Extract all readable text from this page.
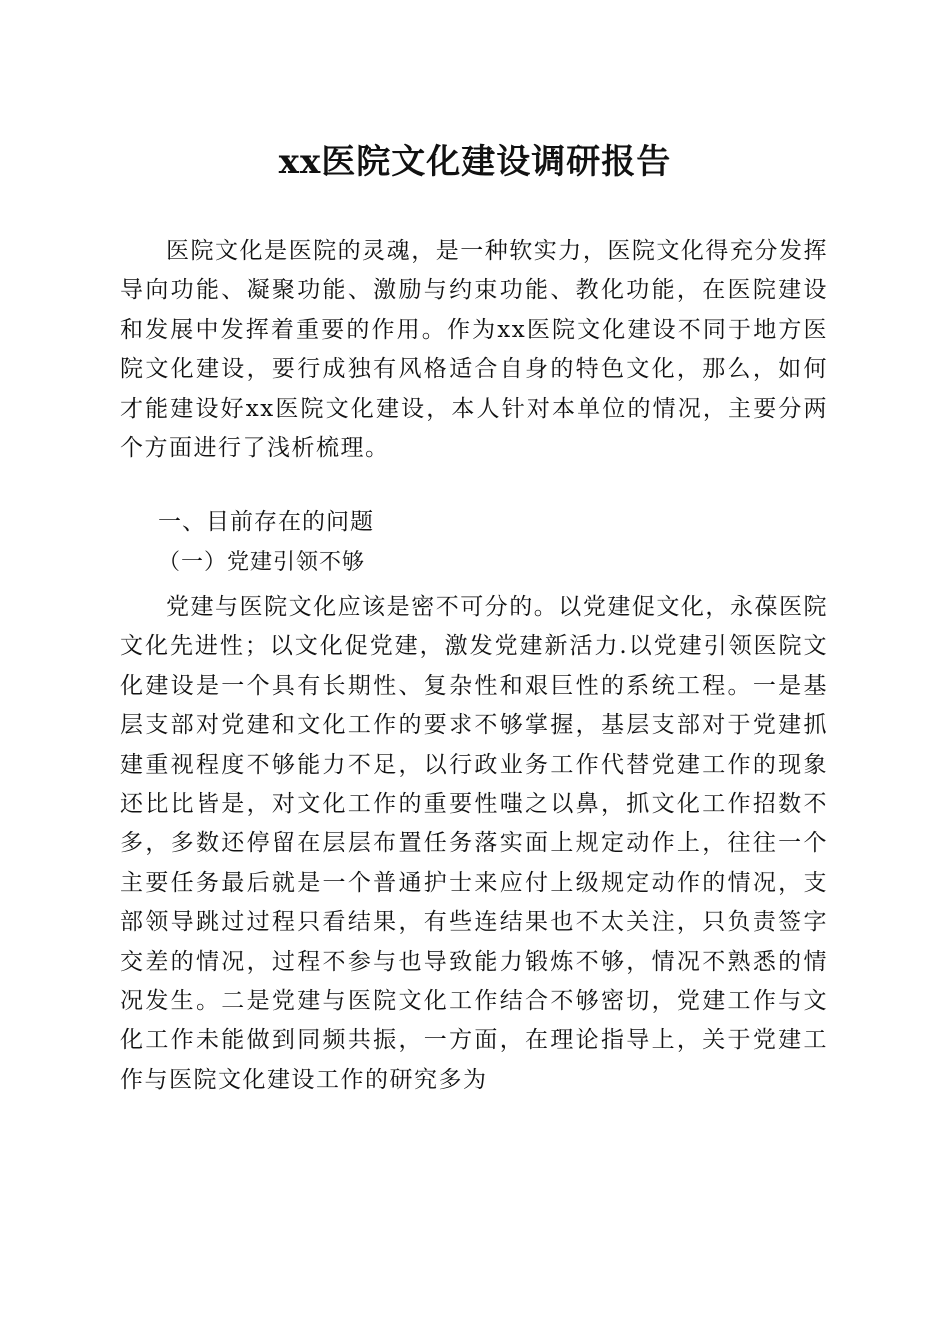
xx医院文化建设调研报告
医院文化是医院的灵魂，是一种软实力，医院文化得充分发挥导向功能、凝聚功能、激励与约束功能、教化功能，在医院建设和发展中发挥着重要的作用。作为xx医院文化建设不同于地方医院文化建设，要行成独有风格适合自身的特色文化，那么，如何才能建设好xx医院文化建设，本人针对本单位的情况，主要分两个方面进行了浅析梳理。
一、目前存在的问题
（一）党建引领不够
党建与医院文化应该是密不可分的。以党建促文化，永葆医院文化先进性；以文化促党建，激发党建新活力.以党建引领医院文化建设是一个具有长期性、复杂性和艰巨性的系统工程。一是基层支部对党建和文化工作的要求不够掌握，基层支部对于党建抓建重视程度不够能力不足，以行政业务工作代替党建工作的现象还比比皆是，对文化工作的重要性嗤之以鼻，抓文化工作招数不多，多数还停留在层层布置任务落实面上规定动作上，往往一个主要任务最后就是一个普通护士来应付上级规定动作的情况，支部领导跳过过程只看结果，有些连结果也不太关注，只负责签字交差的情况，过程不参与也导致能力锻炼不够，情况不熟悉的情况发生。二是党建与医院文化工作结合不够密切，党建工作与文化工作未能做到同频共振，一方面，在理论指导上，关于党建工作与医院文化建设工作的研究多为
